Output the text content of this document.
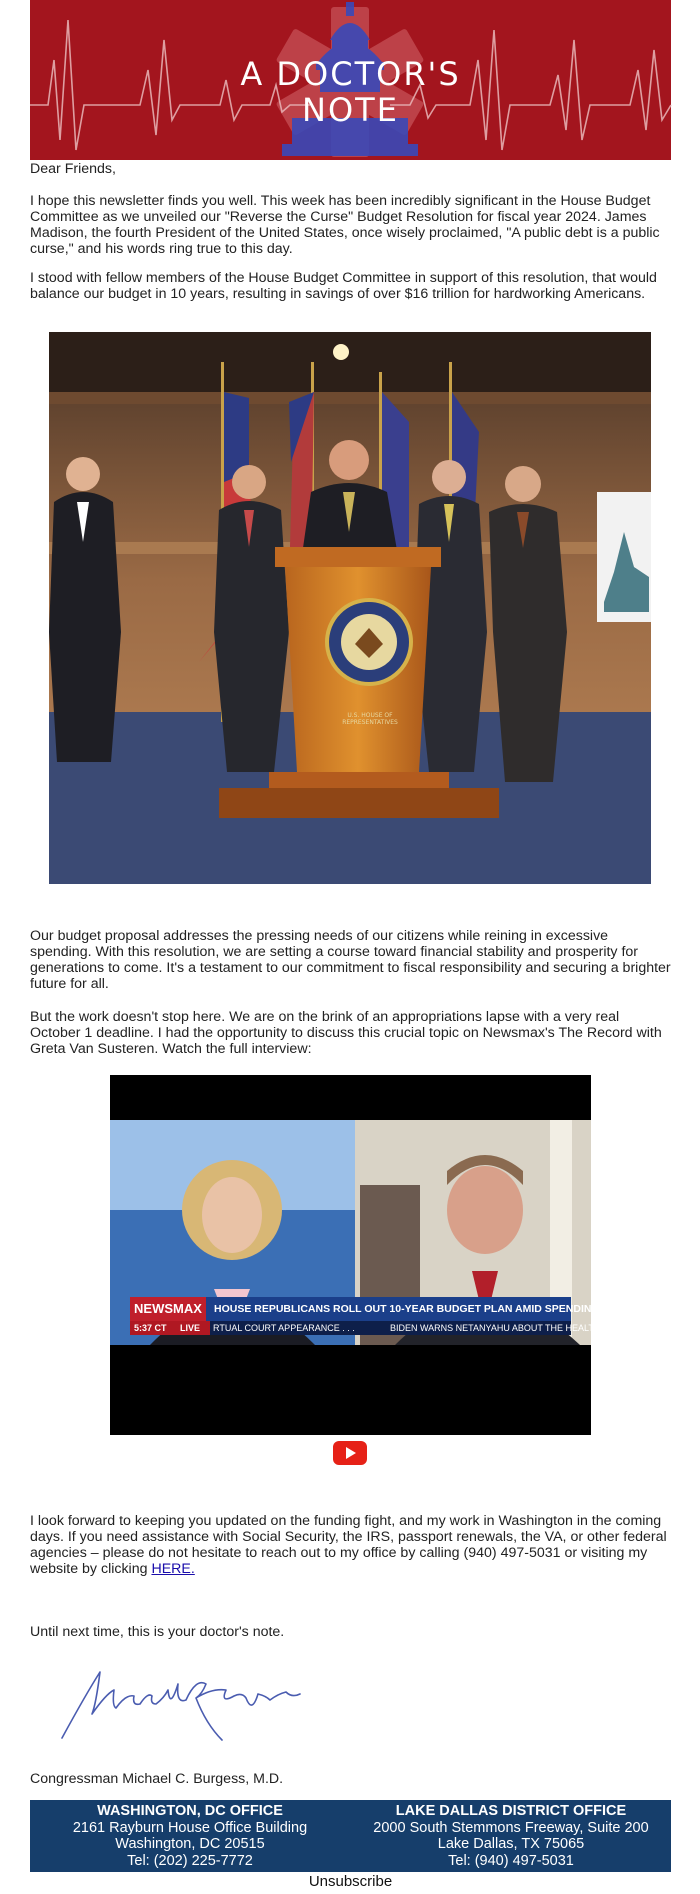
A DOCTOR'S
NOTE

Dear Friends,

I hope this newsletter finds you well. This week has been incredibly significant in the House Budget Committee as we unveiled our "Reverse the Curse" Budget Resolution for fiscal year 2024. James Madison, the fourth President of the United States, once wisely proclaimed, "A public debt is a public curse," and his words ring true to this day.

I stood with fellow members of the House Budget Committee in support of this resolution, that would balance our budget in 10 years, resulting in savings of over $16 trillion for hardworking Americans.

U.S. HOUSE OF REPRESENTATIVES

Our budget proposal addresses the pressing needs of our citizens while reining in excessive spending. With this resolution, we are setting a course toward financial stability and prosperity for generations to come. It's a testament to our commitment to fiscal responsibility and securing a brighter future for all.

But the work doesn't stop here. We are on the brink of an appropriations lapse with a very real October 1 deadline. I had the opportunity to discuss this crucial topic on Newsmax's The Record with Greta Van Susteren. Watch the full interview:

NEWSMAX	HOUSE REPUBLICANS ROLL OUT 10-YEAR BUDGET PLAN AMID SPENDING BATTLE
5:37 CT LIVE RTUAL COURT APPEARANCE . . .	BIDEN WARNS NETANYAHU ABOUT THE HEALTH OF I

I look forward to keeping you updated on the funding fight, and my work in Washington in the coming days. If you need assistance with Social Security, the IRS, passport renewals, the VA, or other federal agencies – please do not hesitate to reach out to my office by calling (940) 497-5031 or visiting my website by clicking HERE.

Until next time, this is your doctor's note.

Congressman Michael C. Burgess, M.D.

WASHINGTON, DC OFFICE
2161 Rayburn House Office Building
Washington, DC 20515
Tel: (202) 225-7772
LAKE DALLAS DISTRICT OFFICE
2000 South Stemmons Freeway, Suite 200
Lake Dallas, TX 75065
Tel: (940) 497-5031
Unsubscribe
